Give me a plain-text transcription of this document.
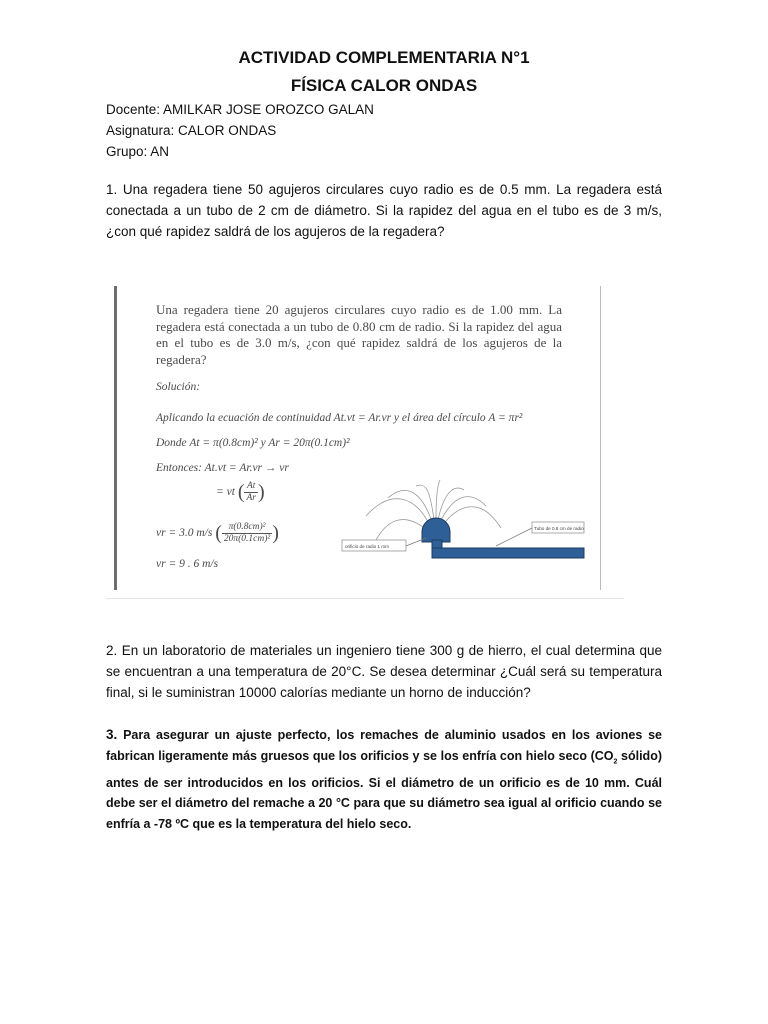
ACTIVIDAD COMPLEMENTARIA N°1
FÍSICA CALOR ONDAS
Docente: AMILKAR JOSE OROZCO GALAN
Asignatura: CALOR ONDAS
Grupo: AN
1. Una regadera tiene 50 agujeros circulares cuyo radio es de 0.5 mm. La regadera está conectada a un tubo de 2 cm de diámetro. Si la rapidez del agua en el tubo es de 3 m/s, ¿con qué rapidez saldrá de los agujeros de la regadera?
Una regadera tiene 20 agujeros circulares cuyo radio es de 1.00 mm. La regadera está conectada a un tubo de 0.80 cm de radio. Si la rapidez del agua en el tubo es de 3.0 m/s, ¿con qué rapidez saldrá de los agujeros de la regadera?
Solución:
Aplicando la ecuación de continuidad At.vt = Ar.vr y el área del círculo A = πr²
Donde At = π(0.8cm)² y Ar = 20π(0.1cm)²
Entonces: At.vt = Ar.vr → vr
= vt ( $\frac{At}{Ar}$ )
vr = 3.0 m/s ( $\frac{\text{π(0.8cm)²}}{\text{20π(0.1cm)²}}$ )
vr = 9 . 6 m/s
Tubo de 0.8 cm de radio
orificio de radio 1 mm
2. En un laboratorio de materiales un ingeniero tiene 300 g de hierro, el cual determina que se encuentran a una temperatura de 20°C. Se desea determinar ¿Cuál será su temperatura final, si le suministran 10000 calorías mediante un horno de inducción?
3. Para asegurar un ajuste perfecto, los remaches de aluminio usados en los aviones se fabrican ligeramente más gruesos que los orificios y se los enfría con hielo seco ($CO_2$ sólido) antes de ser introducidos en los orificios. Si el diámetro de un orificio es de 10 mm. Cuál debe ser el diámetro del remache a 20 °C para que su diámetro sea igual al orificio cuando se enfría a -78 ºC que es la temperatura del hielo seco.
